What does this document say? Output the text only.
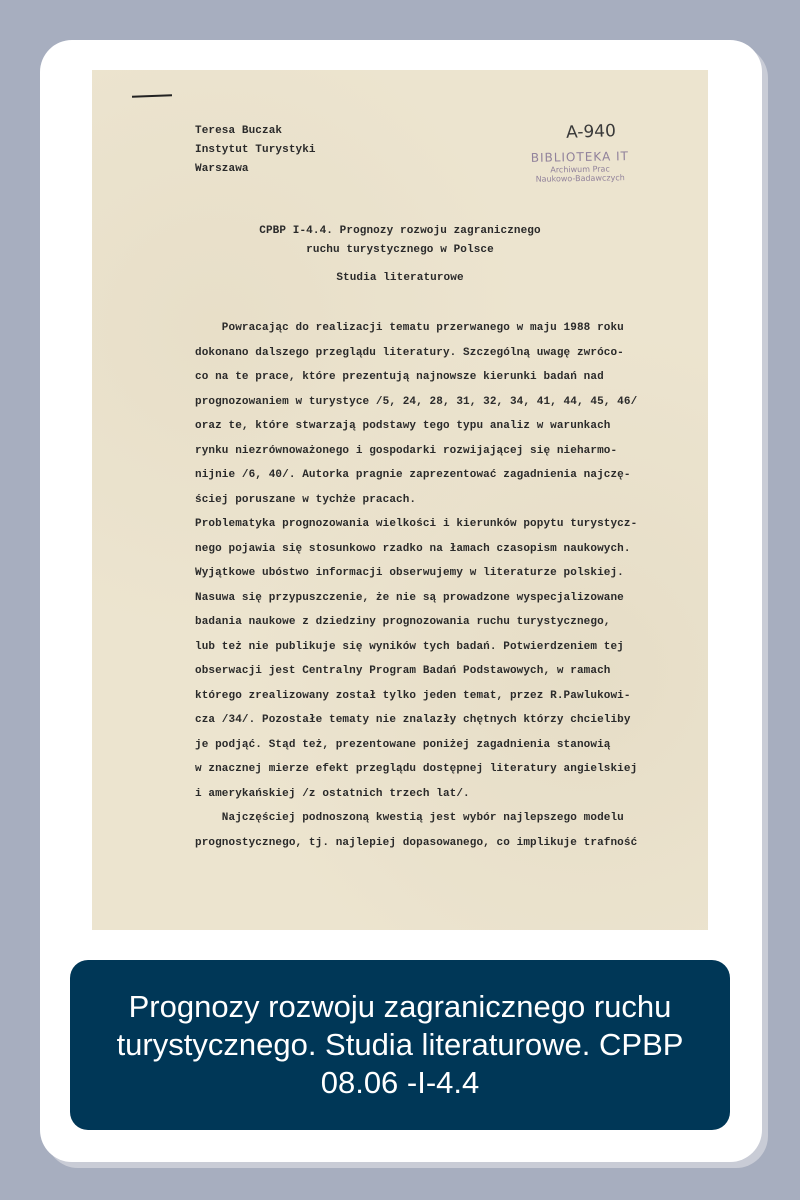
Teresa Buczak
Instytut Turystyki
Warszawa
A-940
BIBLIOTEKA IT
Archiwum Prac
Naukowo-Badawczych
CPBP I-4.4. Prognozy rozwoju zagranicznego
ruchu turystycznego w Polsce
Studia literaturowe
Powracając do realizacji tematu przerwanego w maju 1988 roku
dokonano dalszego przeglądu literatury. Szczególną uwagę zwróco-
co na te prace, które prezentują najnowsze kierunki badań nad
prognozowaniem w turystyce /5, 24, 28, 31, 32, 34, 41, 44, 45, 46/
oraz te, które stwarzają podstawy tego typu analiz w warunkach
rynku niezrównoważonego i gospodarki rozwijającej się nieharmo-
nijnie /6, 40/. Autorka pragnie zaprezentować zagadnienia najczę-
ściej poruszane w tychże pracach.
Problematyka prognozowania wielkości i kierunków popytu turystycz-
nego pojawia się stosunkowo rzadko na łamach czasopism naukowych.
Wyjątkowe ubóstwo informacji obserwujemy w literaturze polskiej.
Nasuwa się przypuszczenie, że nie są prowadzone wyspecjalizowane
badania naukowe z dziedziny prognozowania ruchu turystycznego,
lub też nie publikuje się wyników tych badań. Potwierdzeniem tej
obserwacji jest Centralny Program Badań Podstawowych, w ramach
którego zrealizowany został tylko jeden temat, przez R.Pawlukowi-
cza /34/. Pozostałe tematy nie znalazły chętnych którzy chcieliby
je podjąć. Stąd też, prezentowane poniżej zagadnienia stanowią
w znacznej mierze efekt przeglądu dostępnej literatury angielskiej
i amerykańskiej /z ostatnich trzech lat/.
Najczęściej podnoszoną kwestią jest wybór najlepszego modelu
prognostycznego, tj. najlepiej dopasowanego, co implikuje trafność
Prognozy rozwoju zagranicznego ruchu turystycznego. Studia literaturowe. CPBP 08.06 -I-4.4
